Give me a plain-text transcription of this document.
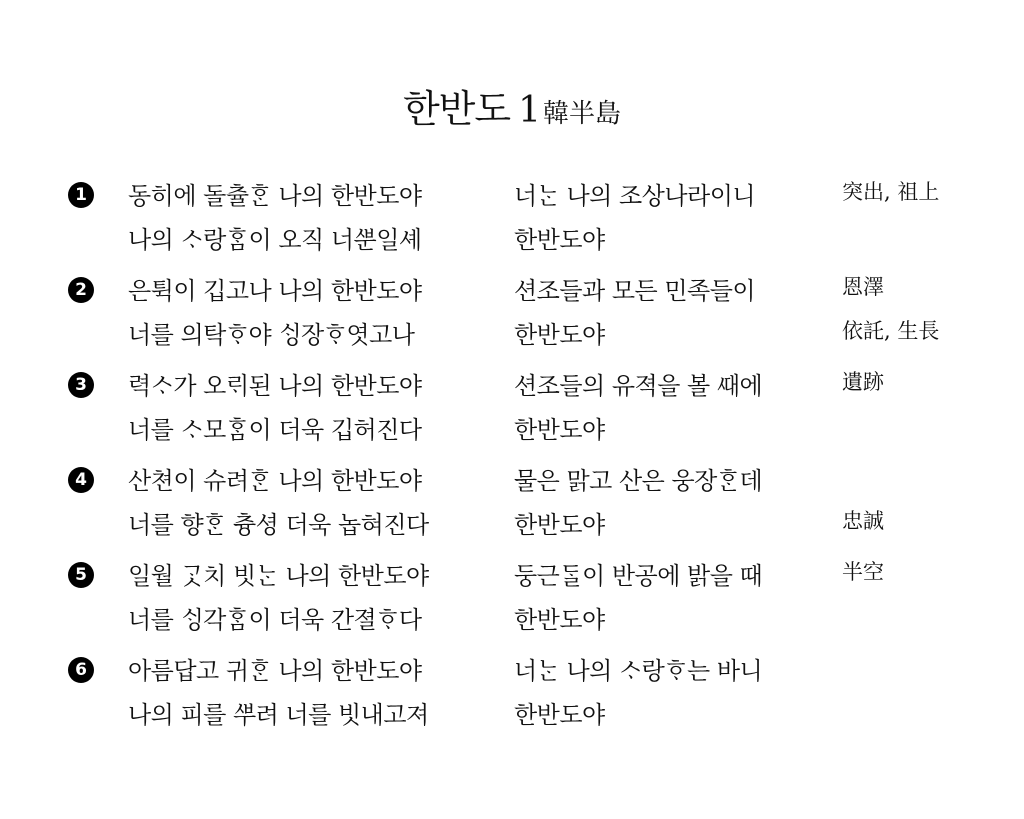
한반도 1韓半島
1 동히에 돌츌ᄒᆞᆫ 나의 한반도야	너ᄂᆞᆫ 나의 조상나라이니	突出, 祖上
나의 ᄉᆞ랑ᄒᆞᆷ이 오직 너ᄲᅮᆫ일셰	한반도야
2 은튁이 깁고나 나의 한반도야	션조들과 모든 민족들이	恩澤
너를 의탁ᄒᆞ야 ᄉᆡᆼ장ᄒᆞ엿고나	한반도야	依託, 生長
3 력ᄉᆞ가 오ᄅᆡ된 나의 한반도야	션조들의 유젹을 볼 ᄯᅢ에	遺跡
너를 ᄉᆞ모ᄒᆞᆷ이 더욱 깁허진다	한반도야
4 산쳔이 슈려ᄒᆞᆫ 나의 한반도야	물은 맑고 산은 웅장ᄒᆞᆫ데
너를 향ᄒᆞᆫ 츙셩 더욱 놉혀진다	한반도야	忠誠
5 일월 ᄀᆞᆺ치 빗ᄂᆞᆫ 나의 한반도야	둥근ᄃᆞᆯ이 반공에 밝을 때	半空
너를 ᄉᆡᆼ각ᄒᆞᆷ이 더욱 간졀ᄒᆞ다	한반도야
6 아름답고 귀ᄒᆞᆫ 나의 한반도야	너ᄂᆞᆫ 나의 ᄉᆞ랑ᄒᆞ는 바니
나의 피를 ᄲᅮ려 너를 빗내고져	한반도야
